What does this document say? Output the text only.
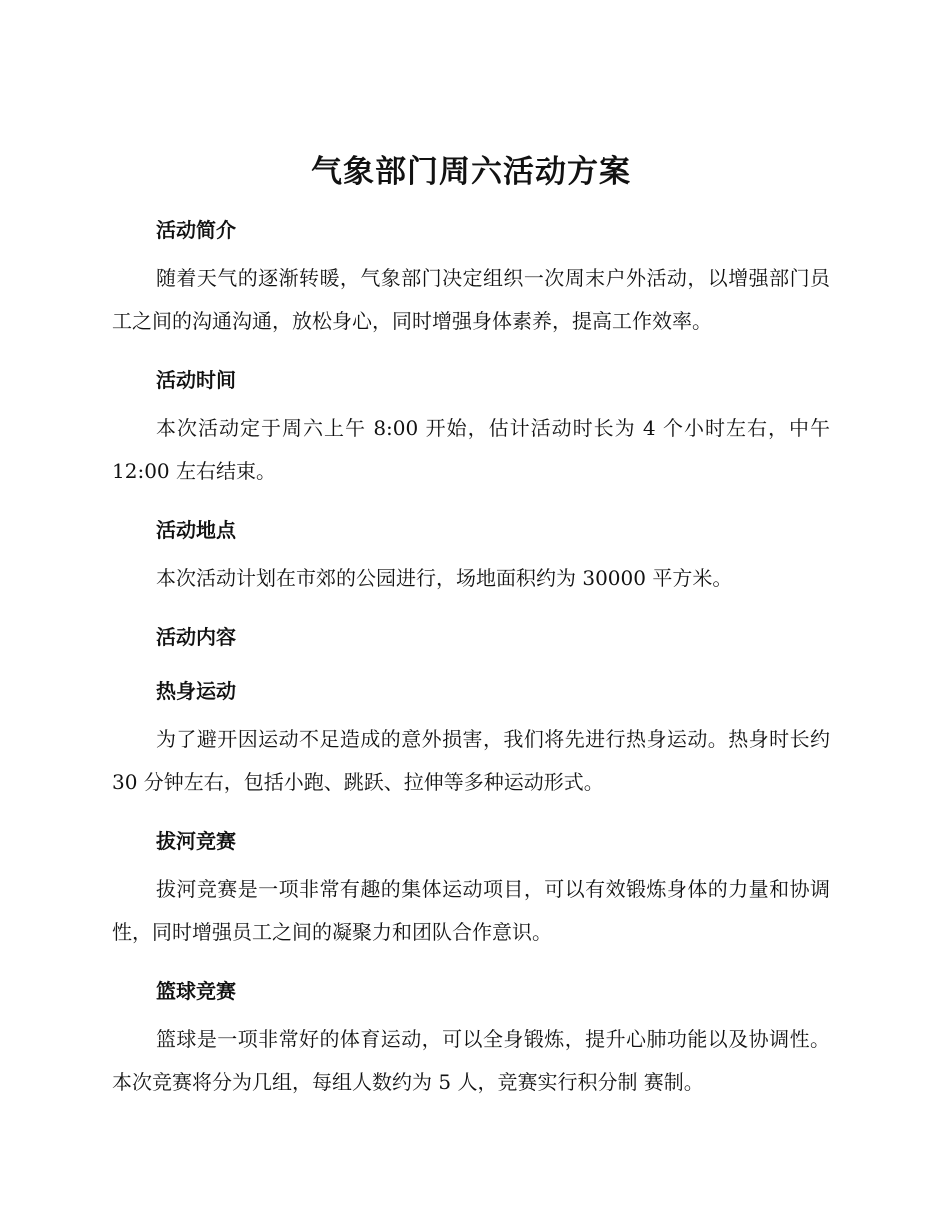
气象部门周六活动方案
活动简介

随着天气的逐渐转暖，气象部门决定组织一次周末户外活动，以增强部门员工之间的沟通沟通，放松身心，同时增强身体素养，提高工作效率。

活动时间

本次活动定于周六上午 8:00 开始，估计活动时长为 4 个小时左右，中午12:00 左右结束。

活动地点

本次活动计划在市郊的公园进行，场地面积约为 30000 平方米。

活动内容
热身运动

为了避开因运动不足造成的意外损害，我们将先进行热身运动。热身时长约 30 分钟左右，包括小跑、跳跃、拉伸等多种运动形式。

拔河竞赛

拔河竞赛是一项非常有趣的集体运动项目，可以有效锻炼身体的力量和协调性，同时增强员工之间的凝聚力和团队合作意识。

篮球竞赛

篮球是一项非常好的体育运动，可以全身锻炼，提升心肺功能以及协调性。本次竞赛将分为几组，每组人数约为 5 人，竞赛实行积分制 赛制。
